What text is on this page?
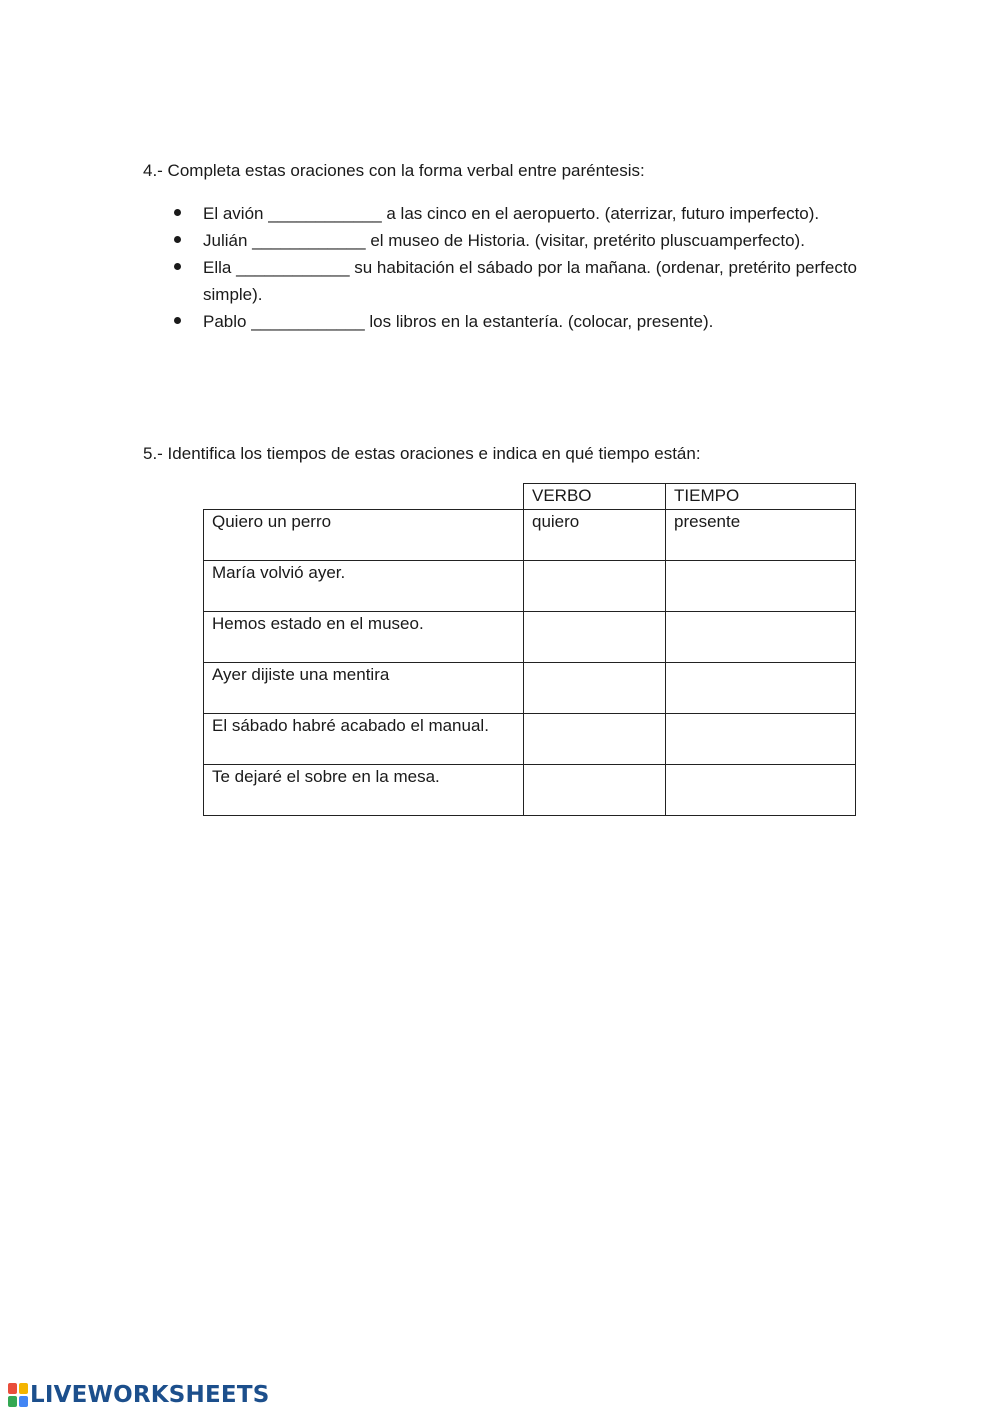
4.- Completa estas oraciones con la forma verbal entre paréntesis:
El avión ____________ a las cinco en el aeropuerto. (aterrizar, futuro imperfecto).
Julián ____________ el museo de Historia. (visitar, pretérito pluscuamperfecto).
Ella ____________ su habitación el sábado por la mañana. (ordenar, pretérito perfecto simple).
Pablo ____________ los libros en la estantería. (colocar, presente).
5.- Identifica los tiempos de estas oraciones e indica en qué tiempo están:
	VERBO	TIEMPO
Quiero un perro	quiero	presente
María volvió ayer.		
Hemos estado en el museo.		
Ayer dijiste una mentira		
El sábado habré acabado el manual.		
Te dejaré el sobre en la mesa.		
LIVEWORKSHEETS
